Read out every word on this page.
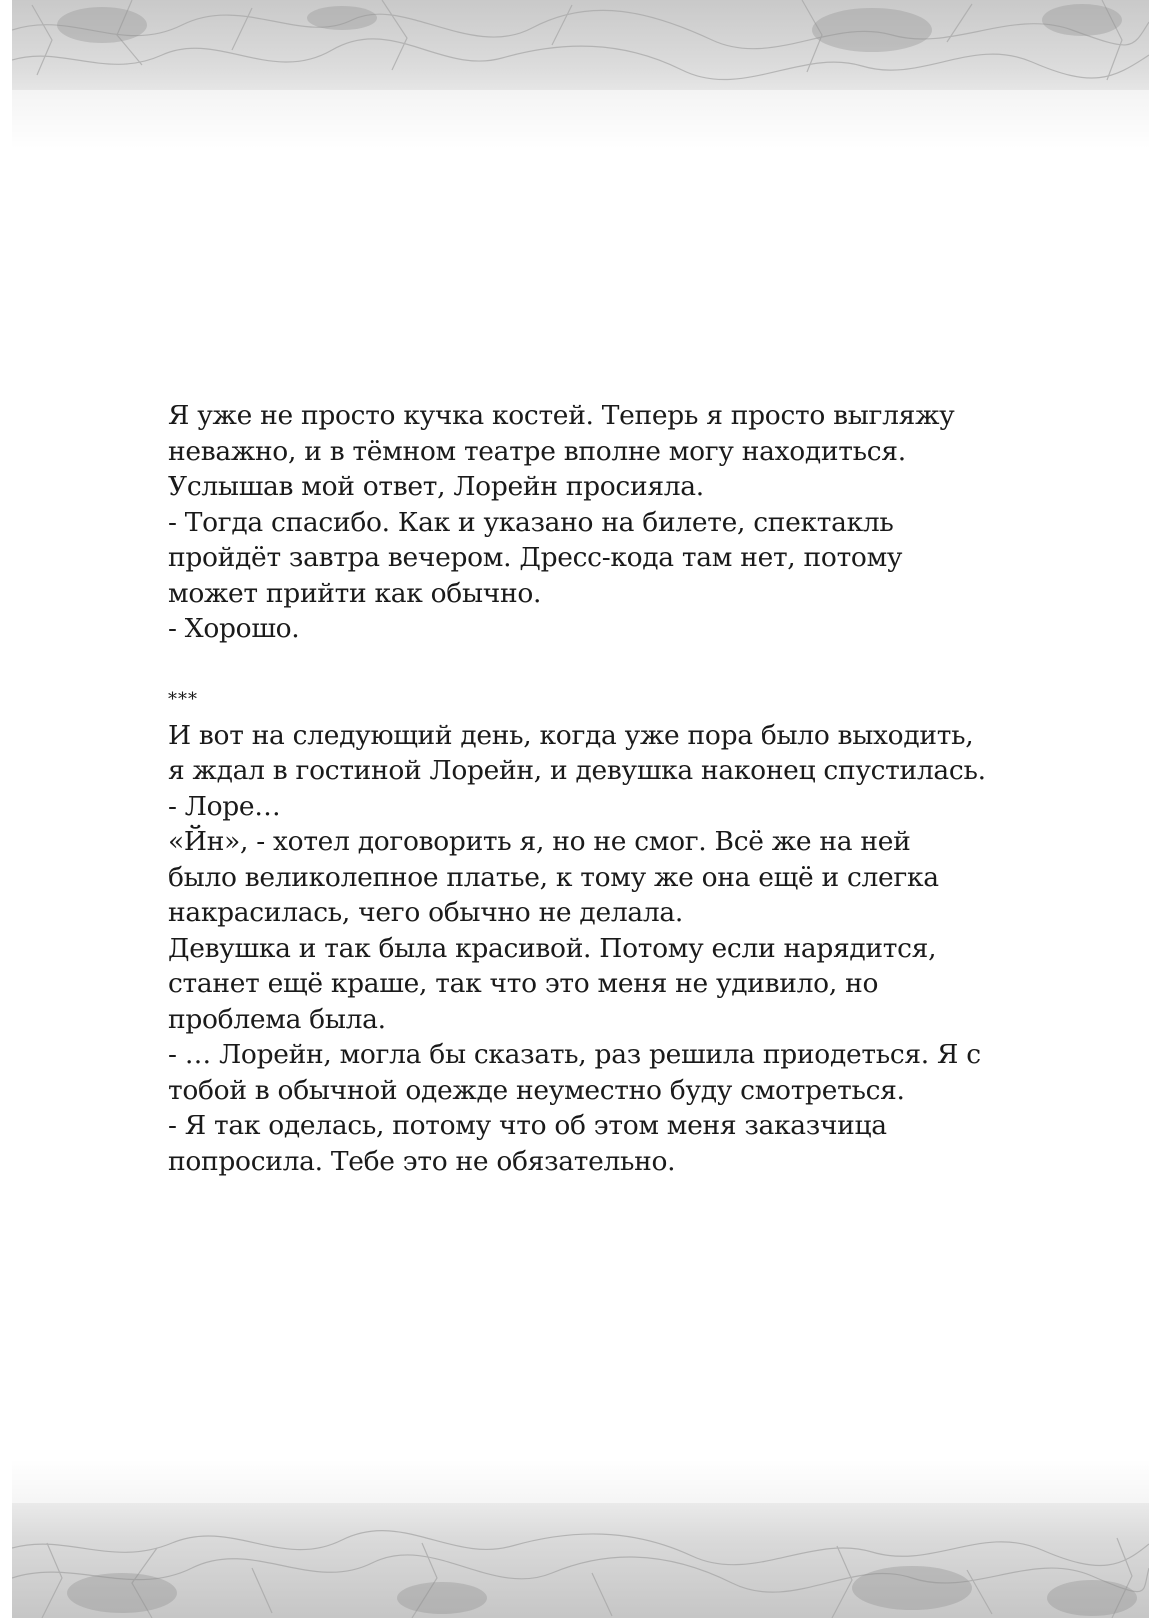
Я уже не просто кучка костей. Теперь я просто выгляжу
неважно, и в тёмном театре вполне могу находиться.
Услышав мой ответ, Лорейн просияла.
- Тогда спасибо. Как и указано на билете, спектакль
пройдёт завтра вечером. Дресс-кода там нет, потому
может прийти как обычно.
- Хорошо.
***
И вот на следующий день, когда уже пора было выходить,
я ждал в гостиной Лорейн, и девушка наконец спустилась.
- Лоре…
«Йн», - хотел договорить я, но не смог. Всё же на ней
было великолепное платье, к тому же она ещё и слегка
накрасилась, чего обычно не делала.
Девушка и так была красивой. Потому если нарядится,
станет ещё краше, так что это меня не удивило, но
проблема была.
- … Лорейн, могла бы сказать, раз решила приодеться. Я с
тобой в обычной одежде неуместно буду смотреться.
- Я так оделась, потому что об этом меня заказчица
попросила. Тебе это не обязательно.
